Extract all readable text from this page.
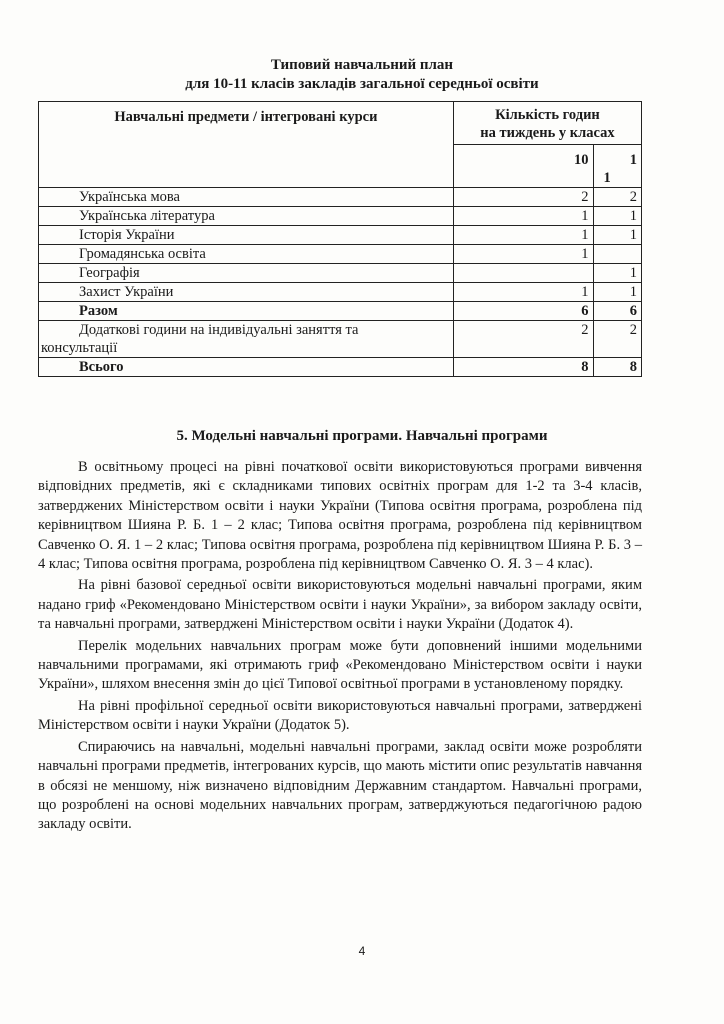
Типовий навчальний план
для 10-11 класів закладів загальної середньої освіти
Навчальні предмети / інтегровані курси	Кількість годин
на тиждень у класах	
	10	1
1

Українська мова	2	2
Українська література	1	1
Історія України	1	1
Громадянська освіта	1	
Географія		1
Захист України	1	1
Разом	6	6
Додаткові години на індивідуальні заняття та
консультації	2	2
Всього	8	8
5. Модельні навчальні програми. Навчальні програми

В освітньому процесі на рівні початкової освіти використовуються програми вивчення відповідних предметів, які є складниками типових освітніх програм для 1-2 та 3-4 класів, затверджених Міністерством освіти і науки України (Типова освітня програма, розроблена під керівництвом Шияна Р. Б. 1 – 2 клас; Типова освітня програма, розроблена під керівництвом Савченко О. Я. 1 – 2 клас; Типова освітня програма, розроблена під керівництвом Шияна Р. Б. 3 – 4 клас; Типова освітня програма, розроблена під керівництвом Савченко О. Я. 3 – 4 клас).

На рівні базової середньої освіти використовуються модельні навчальні програми, яким надано гриф «Рекомендовано Міністерством освіти і науки України», за вибором закладу освіти, та навчальні програми, затверджені Міністерством освіти і науки України (Додаток 4).

Перелік модельних навчальних програм може бути доповнений іншими модельними навчальними програмами, які отримають гриф «Рекомендовано Міністерством освіти і науки України», шляхом внесення змін до цієї Типової освітньої програми в установленому порядку.

На рівні профільної середньої освіти використовуються навчальні програми, затверджені Міністерством освіти і науки України (Додаток 5).

Спираючись на навчальні, модельні навчальні програми, заклад освіти може розробляти навчальні програми предметів, інтегрованих курсів, що мають містити опис результатів навчання в обсязі не меншому, ніж визначено відповідним Державним стандартом. Навчальні програми, що розроблені на основі модельних навчальних програм, затверджуються педагогічною радою закладу освіти.

4
